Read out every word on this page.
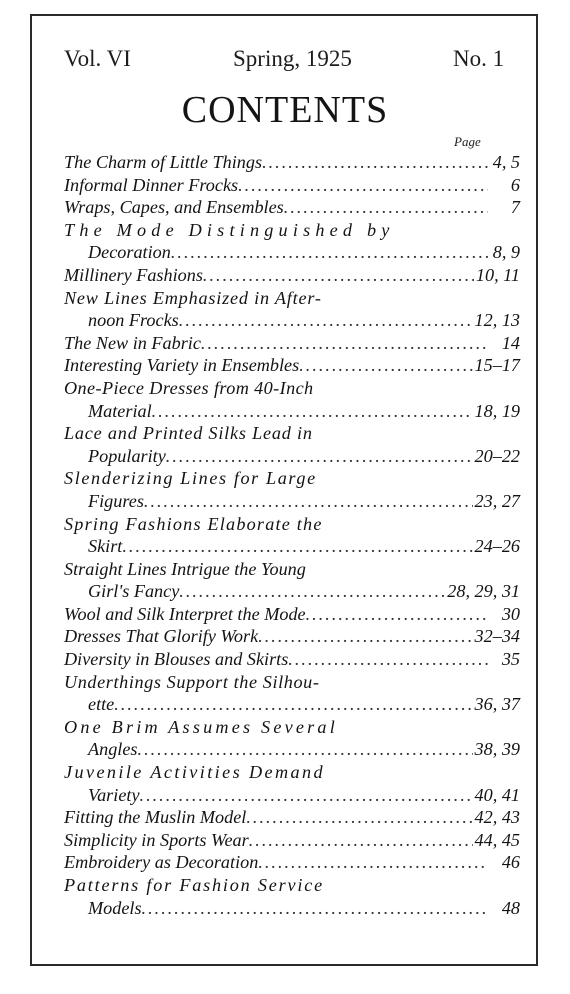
Vol. VI	Spring, 1925	No. 1
CONTENTS
Page
The Charm of Little Things .....	4, 5
Informal Dinner Frocks .....	6
Wraps, Capes, and Ensembles .....	7
The Mode Distinguished by
Decoration .....	8, 9
Millinery Fashions .....	10, 11
New Lines Emphasized in After-
noon Frocks .....	12, 13
The New in Fabric .....	14
Interesting Variety in Ensembles .....	15–17
One-Piece Dresses from 40-Inch
Material .....	18, 19
Lace and Printed Silks Lead in
Popularity .....	20–22
Slenderizing Lines for Large
Figures .....	23, 27
Spring Fashions Elaborate the
Skirt .....	24–26
Straight Lines Intrigue the Young
Girl's Fancy .....	28, 29, 31
Wool and Silk Interpret the Mode .....	30
Dresses That Glorify Work .....	32–34
Diversity in Blouses and Skirts .....	35
Underthings Support the Silhou-
ette .....	36, 37
One Brim Assumes Several
Angles .....	38, 39
Juvenile Activities Demand
Variety .....	40, 41
Fitting the Muslin Model .....	42, 43
Simplicity in Sports Wear .....	44, 45
Embroidery as Decoration .....	46
Patterns for Fashion Service
Models .....	48
